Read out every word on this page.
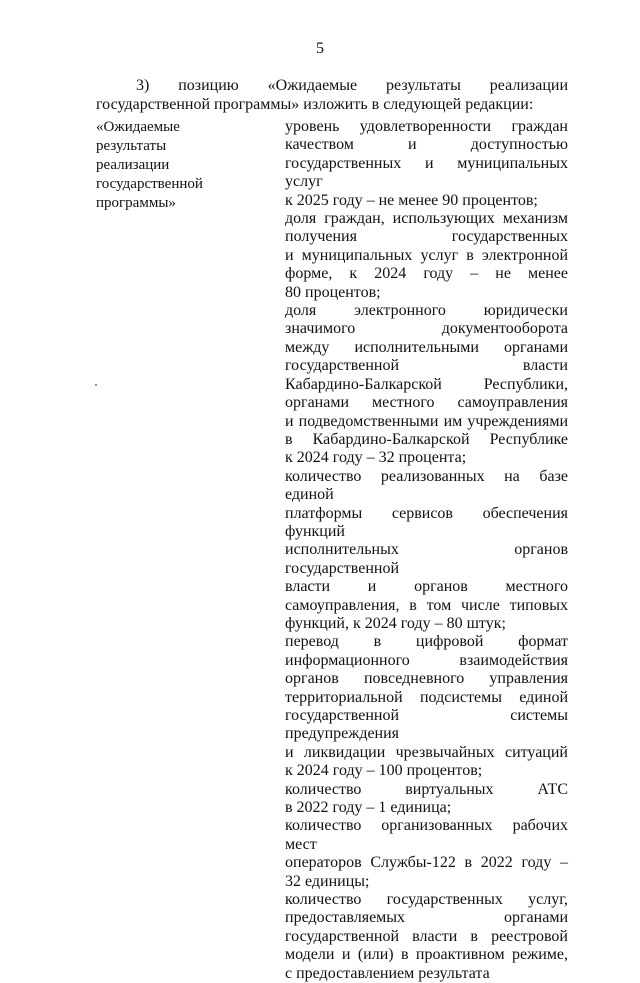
5

3) позицию «Ожидаемые результаты реализации государственной программы» изложить в следующей редакции:

«Ожидаемые
результаты
реализации
государственной
программы»
уровень удовлетворенности граждан
качеством и доступностью
государственных и муниципальных услуг
к 2025 году – не менее 90 процентов;
доля граждан, использующих механизм
получения государственных
и муниципальных услуг в электронной
форме, к 2024 году – не менее
80 процентов;
доля электронного юридически
значимого документооборота
между исполнительными органами
государственной власти
Кабардино-Балкарской Республики,
органами местного самоуправления
и подведомственными им учреждениями
в Кабардино-Балкарской Республике
к 2024 году – 32 процента;
количество реализованных на базе единой
платформы сервисов обеспечения функций
исполнительных органов государственной
власти и органов местного
самоуправления, в том числе типовых
функций, к 2024 году – 80 штук;
перевод в цифровой формат
информационного взаимодействия
органов повседневного управления
территориальной подсистемы единой
государственной системы предупреждения
и ликвидации чрезвычайных ситуаций
к 2024 году – 100 процентов;
количество виртуальных АТС
в 2022 году – 1 единица;
количество организованных рабочих мест
операторов Службы-122 в 2022 году –
32 единицы;
количество государственных услуг,
предоставляемых органами
государственной власти в реестровой
модели и (или) в проактивном режиме,
с предоставлением результата
